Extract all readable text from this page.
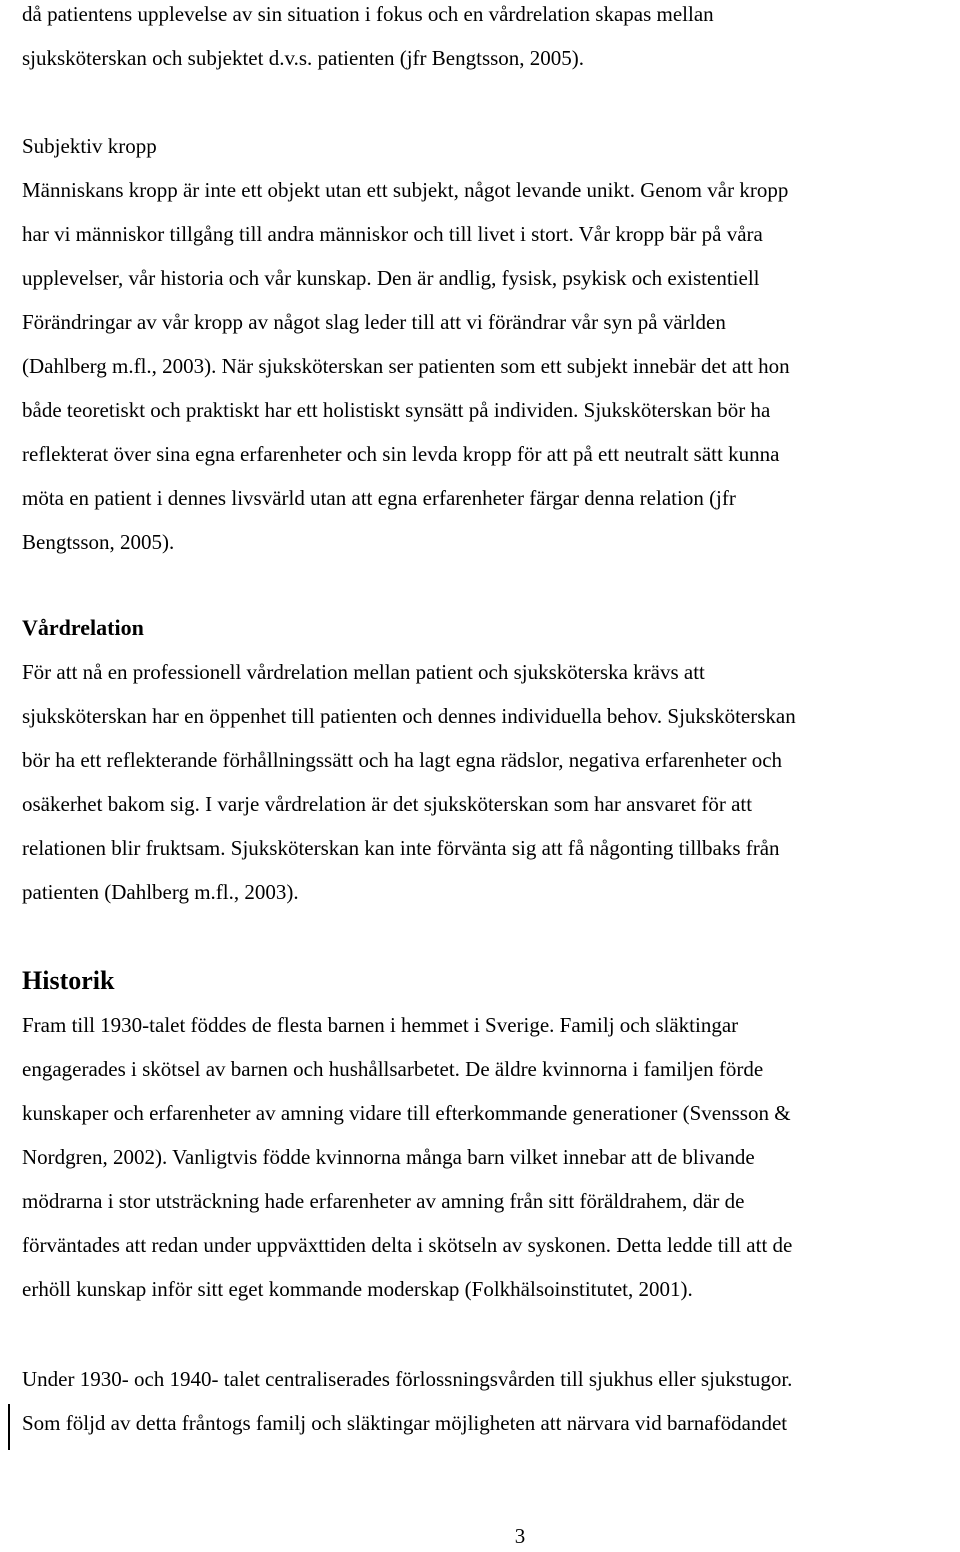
då patientens upplevelse av sin situation i fokus och en vårdrelation skapas mellan
sjuksköterskan och subjektet d.v.s. patienten (jfr Bengtsson, 2005).
Subjektiv kropp
Människans kropp är inte ett objekt utan ett subjekt, något levande unikt. Genom vår kropp
har vi människor tillgång till andra människor och till livet i stort. Vår kropp bär på våra
upplevelser, vår historia och vår kunskap. Den är andlig, fysisk, psykisk och existentiell
Förändringar av vår kropp av något slag leder till att vi förändrar vår syn på världen
(Dahlberg m.fl., 2003). När sjuksköterskan ser patienten som ett subjekt innebär det att hon
både teoretiskt och praktiskt har ett holistiskt synsätt på individen. Sjuksköterskan bör ha
reflekterat över sina egna erfarenheter och sin levda kropp för att på ett neutralt sätt kunna
möta en patient i dennes livsvärld utan att egna erfarenheter färgar denna relation (jfr
Bengtsson, 2005).
Vårdrelation
För att nå en professionell vårdrelation mellan patient och sjuksköterska krävs att
sjuksköterskan har en öppenhet till patienten och dennes individuella behov. Sjuksköterskan
bör ha ett reflekterande förhållningssätt och ha lagt egna rädslor, negativa erfarenheter och
osäkerhet bakom sig. I varje vårdrelation är det sjuksköterskan som har ansvaret för att
relationen blir fruktsam. Sjuksköterskan kan inte förvänta sig att få någonting tillbaks från
patienten (Dahlberg m.fl., 2003).
Historik
Fram till 1930-talet föddes de flesta barnen i hemmet i Sverige. Familj och släktingar
engagerades i skötsel av barnen och hushållsarbetet. De äldre kvinnorna i familjen förde
kunskaper och erfarenheter av amning vidare till efterkommande generationer (Svensson &
Nordgren, 2002). Vanligtvis födde kvinnorna många barn vilket innebar att de blivande
mödrarna i stor utsträckning hade erfarenheter av amning från sitt föräldrahem, där de
förväntades att redan under uppväxttiden delta i skötseln av syskonen. Detta ledde till att de
erhöll kunskap inför sitt eget kommande moderskap (Folkhälsoinstitutet, 2001).
Under 1930- och 1940- talet centraliserades förlossningsvården till sjukhus eller sjukstugor.
Som följd av detta fråntogs familj och släktingar möjligheten att närvara vid barnafödandet
3
